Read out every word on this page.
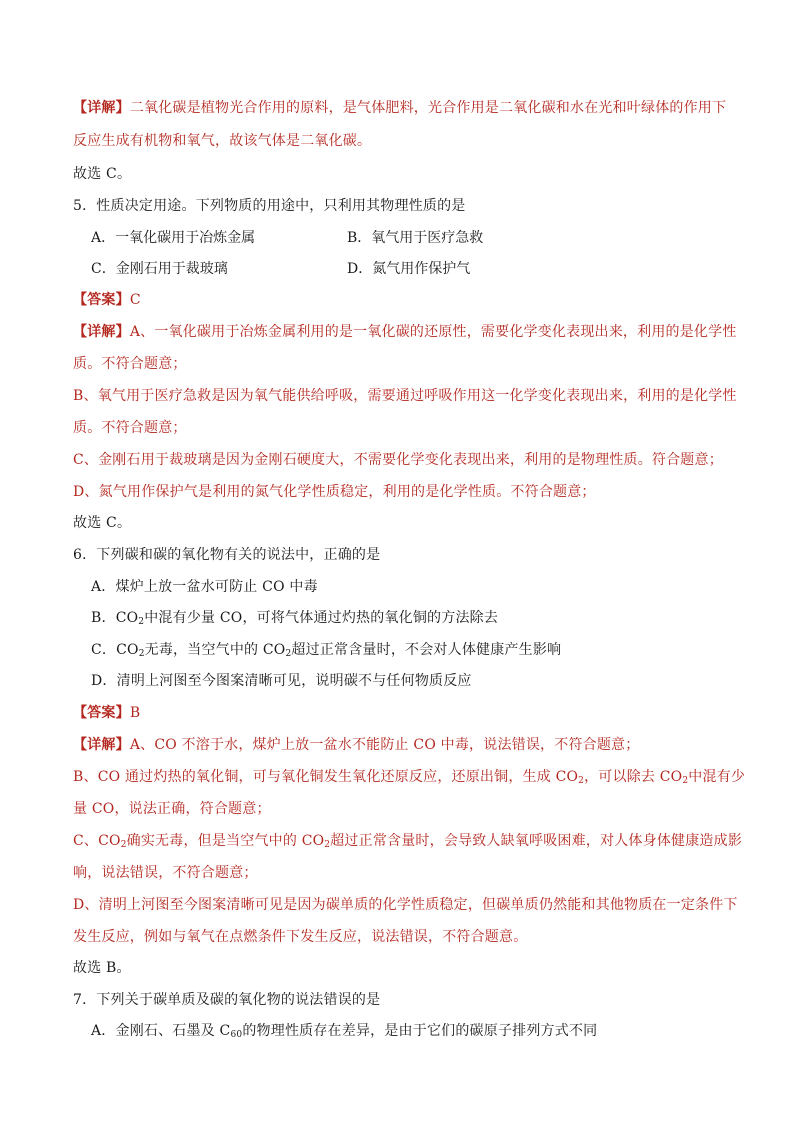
【详解】二氧化碳是植物光合作用的原料，是气体肥料，光合作用是二氧化碳和水在光和叶绿体的作用下
反应生成有机物和氧气，故该气体是二氧化碳。
故选 C。
5．性质决定用途。下列物质的用途中，只利用其物理性质的是
A．一氧化碳用于冶炼金属	B．氧气用于医疗急救
C．金刚石用于裁玻璃	D．氮气用作保护气
【答案】C
【详解】A、一氧化碳用于冶炼金属利用的是一氧化碳的还原性，需要化学变化表现出来，利用的是化学性
质。不符合题意；
B、氧气用于医疗急救是因为氧气能供给呼吸，需要通过呼吸作用这一化学变化表现出来，利用的是化学性
质。不符合题意；
C、金刚石用于裁玻璃是因为金刚石硬度大，不需要化学变化表现出来，利用的是物理性质。符合题意；
D、氮气用作保护气是利用的氮气化学性质稳定，利用的是化学性质。不符合题意；
故选 C。
6．下列碳和碳的氧化物有关的说法中，正确的是
A．煤炉上放一盆水可防止 CO 中毒
B．$CO_2$中混有少量 CO，可将气体通过灼热的氧化铜的方法除去
C．$CO_2$无毒，当空气中的 $CO_2$超过正常含量时，不会对人体健康产生影响
D．清明上河图至今图案清晰可见，说明碳不与任何物质反应
【答案】B
【详解】A、CO 不溶于水，煤炉上放一盆水不能防止 CO 中毒，说法错误，不符合题意；
B、CO 通过灼热的氧化铜，可与氧化铜发生氧化还原反应，还原出铜，生成 $CO_2$，可以除去 $CO_2$中混有少
量 CO，说法正确，符合题意；
C、$CO_2$确实无毒，但是当空气中的 $CO_2$超过正常含量时，会导致人缺氧呼吸困难，对人体身体健康造成影
响，说法错误，不符合题意；
D、清明上河图至今图案清晰可见是因为碳单质的化学性质稳定，但碳单质仍然能和其他物质在一定条件下
发生反应，例如与氧气在点燃条件下发生反应，说法错误，不符合题意。
故选 B。
7．下列关于碳单质及碳的氧化物的说法错误的是
A．金刚石、石墨及 $C_{60}$的物理性质存在差异，是由于它们的碳原子排列方式不同
